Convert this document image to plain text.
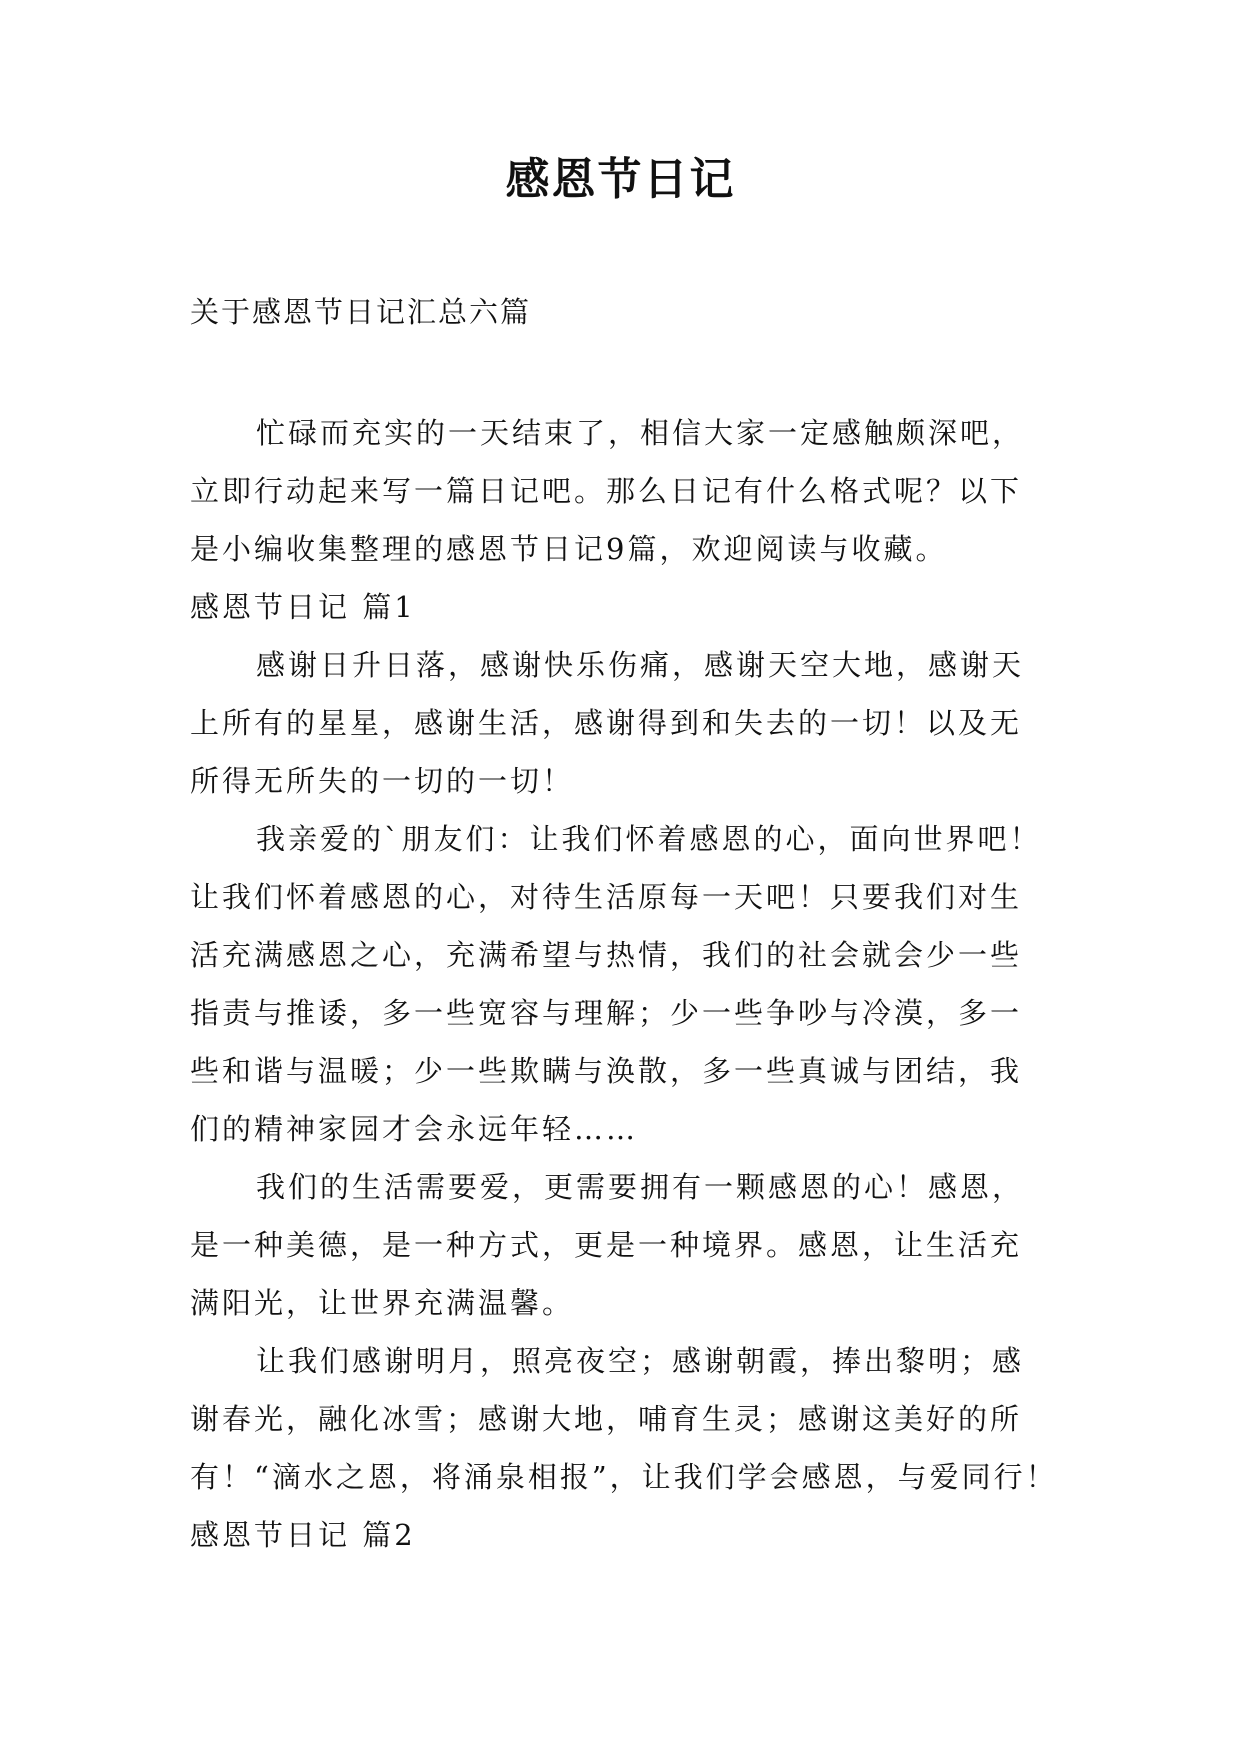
感恩节日记

关于感恩节日记汇总六篇

忙碌而充实的一天结束了，相信大家一定感触颇深吧，

立即行动起来写一篇日记吧。那么日记有什么格式呢？以下

是小编收集整理的感恩节日记9篇，欢迎阅读与收藏。

感恩节日记 篇1

感谢日升日落，感谢快乐伤痛，感谢天空大地，感谢天

上所有的星星，感谢生活，感谢得到和失去的一切！以及无

所得无所失的一切的一切！

我亲爱的`朋友们：让我们怀着感恩的心，面向世界吧！

让我们怀着感恩的心，对待生活原每一天吧！只要我们对生

活充满感恩之心，充满希望与热情，我们的社会就会少一些

指责与推诿，多一些宽容与理解；少一些争吵与冷漠，多一

些和谐与温暖；少一些欺瞒与涣散，多一些真诚与团结，我

们的精神家园才会永远年轻……

我们的生活需要爱，更需要拥有一颗感恩的心！感恩，

是一种美德，是一种方式，更是一种境界。感恩，让生活充

满阳光，让世界充满温馨。

让我们感谢明月，照亮夜空；感谢朝霞，捧出黎明；感

谢春光，融化冰雪；感谢大地，哺育生灵；感谢这美好的所

有！“滴水之恩，将涌泉相报”，让我们学会感恩，与爱同行！

感恩节日记 篇2
